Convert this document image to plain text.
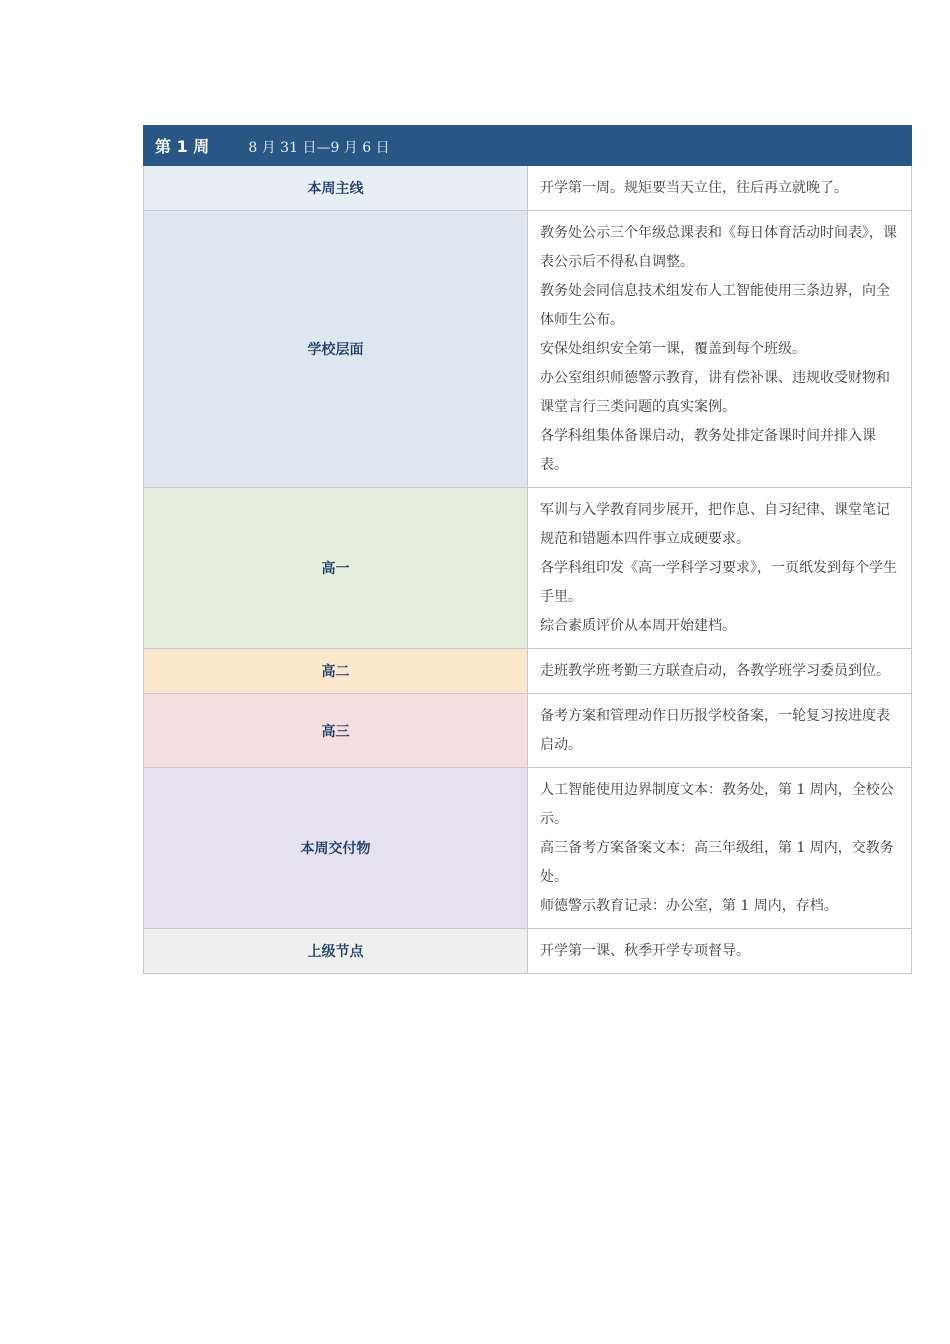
第 1 周 8 月 31 日—9 月 6 日	
本周主线	开学第一周。规矩要当天立住，往后再立就晚了。

学校层面	教务处公示三个年级总课表和《每日体育活动时间表》，课表公示后不得私自调整。
教务处会同信息技术组发布人工智能使用三条边界，向全体师生公布。
安保处组织安全第一课，覆盖到每个班级。
办公室组织师德警示教育，讲有偿补课、违规收受财物和课堂言行三类问题的真实案例。
各学科组集体备课启动，教务处排定备课时间并排入课表。

高一	军训与入学教育同步展开，把作息、自习纪律、课堂笔记规范和错题本四件事立成硬要求。
各学科组印发《高一学科学习要求》，一页纸发到每个学生手里。
综合素质评价从本周开始建档。

高二	走班教学班考勤三方联查启动，各教学班学习委员到位。

高三	备考方案和管理动作日历报学校备案，一轮复习按进度表启动。

本周交付物	人工智能使用边界制度文本：教务处，第 1 周内，全校公示。
高三备考方案备案文本：高三年级组，第 1 周内，交教务处。
师德警示教育记录：办公室，第 1 周内，存档。

上级节点	开学第一课、秋季开学专项督导。
